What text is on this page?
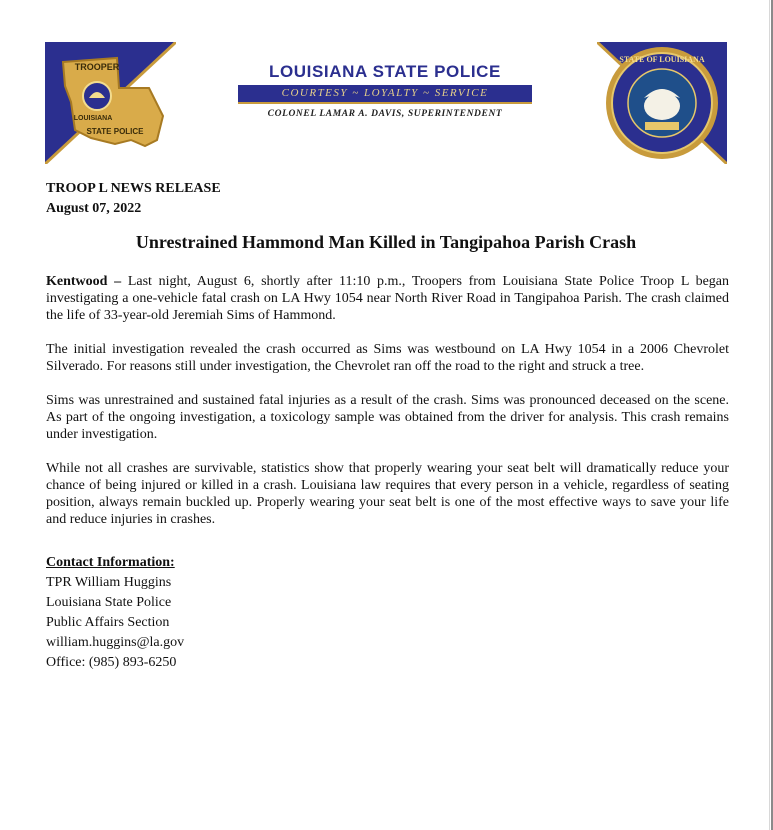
TROOPER
LOUISIANA
STATE POLICE
LOUISIANA STATE POLICE
COURTESY ~ LOYALTY ~ SERVICE
COLONEL LAMAR A. DAVIS, SUPERINTENDENT
STATE OF LOUISIANA
TROOP L NEWS RELEASE
August 07, 2022
Unrestrained Hammond Man Killed in Tangipahoa Parish Crash

Kentwood – Last night, August 6, shortly after 11:10 p.m., Troopers from Louisiana State Police Troop L began investigating a one-vehicle fatal crash on LA Hwy 1054 near North River Road in Tangipahoa Parish. The crash claimed the life of 33-year-old Jeremiah Sims of Hammond.

The initial investigation revealed the crash occurred as Sims was westbound on LA Hwy 1054 in a 2006 Chevrolet Silverado. For reasons still under investigation, the Chevrolet ran off the road to the right and struck a tree.

Sims was unrestrained and sustained fatal injuries as a result of the crash. Sims was pronounced deceased on the scene. As part of the ongoing investigation, a toxicology sample was obtained from the driver for analysis. This crash remains under investigation.

While not all crashes are survivable, statistics show that properly wearing your seat belt will dramatically reduce your chance of being injured or killed in a crash. Louisiana law requires that every person in a vehicle, regardless of seating position, always remain buckled up. Properly wearing your seat belt is one of the most effective ways to save your life and reduce injuries in crashes.

Contact Information:
TPR William Huggins
Louisiana State Police
Public Affairs Section
william.huggins@la.gov
Office: (985) 893-6250
